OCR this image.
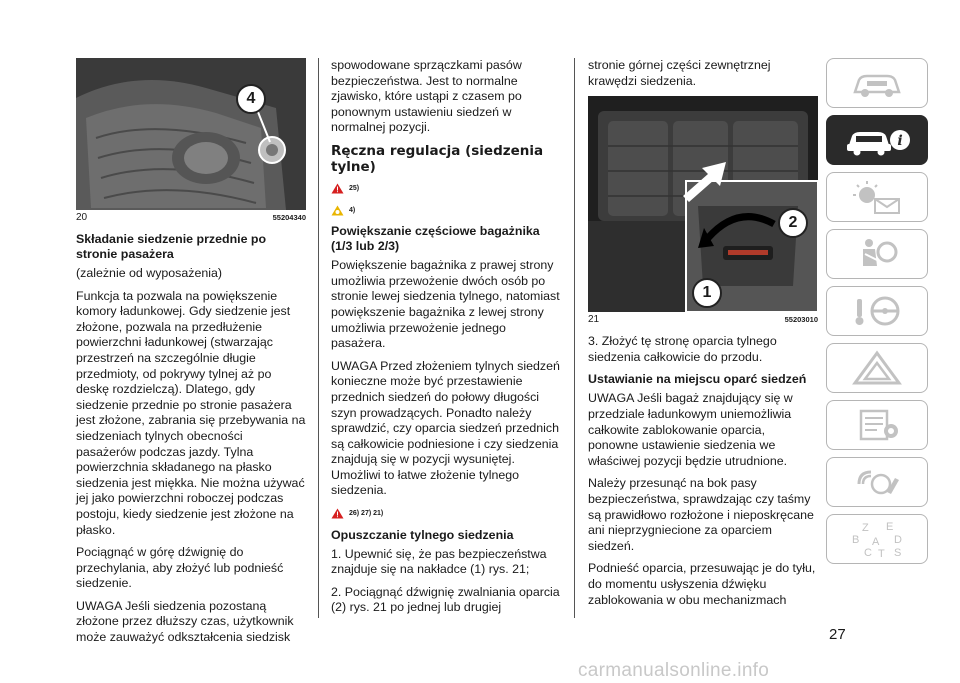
4
20	55204340
Składanie siedzenie przednie po stronie pasażera

(zależnie od wyposażenia)

Funkcja ta pozwala na powiększenie komory ładunkowej. Gdy siedzenie jest złożone, pozwala na przedłużenie powierzchni ładunkowej (stwarzając przestrzeń na szczególnie długie przedmioty, od pokrywy tylnej aż po deskę rozdzielczą). Dlatego, gdy siedzenie przednie po stronie pasażera jest złożone, zabrania się przebywania na siedzeniach tylnych obecności pasażerów podczas jazdy. Tylna powierzchnia składanego na płasko siedzenia jest miękka. Nie można używać jej jako powierzchni roboczej podczas postoju, kiedy siedzenie jest złożone na płasko.

Pociągnąć w górę dźwignię do przechylania, aby złożyć lub podnieść siedzenie.

UWAGA Jeśli siedzenia pozostaną złożone przez dłuższy czas, użytkownik może zauważyć odkształcenia siedzisk

spowodowane sprzączkami pasów bezpieczeństwa. Jest to normalne zjawisko, które ustąpi z czasem po ponownym ustawieniu siedzeń w normalnej pozycji.

Ręczna regulacja (siedzenia tylne)
25)
4)
Powiększanie częściowe bagażnika (1/3 lub 2/3)

Powiększenie bagażnika z prawej strony umożliwia przewożenie dwóch osób po stronie lewej siedzenia tylnego, natomiast powiększenie bagażnika z lewej strony umożliwia przewożenie jednego pasażera.

UWAGA Przed złożeniem tylnych siedzeń konieczne może być przestawienie przednich siedzeń do połowy długości szyn prowadzących. Ponadto należy sprawdzić, czy oparcia siedzeń przednich są całkowicie podniesione i czy siedzenia znajdują się w pozycji wysuniętej. Umożliwi to łatwe złożenie tylnego siedzenia.

26) 27) 21)
Opuszczanie tylnego siedzenia

1. Upewnić się, że pas bezpieczeństwa znajduje się na nakładce (1) rys. 21;

2. Pociągnąć dźwignię zwalniania oparcia (2) rys. 21 po jednej lub drugiej

stronie górnej części zewnętrznej krawędzi siedzenia.

2
1
21	55203010

3. Złożyć tę stronę oparcia tylnego siedzenia całkowicie do przodu.

Ustawianie na miejscu oparć siedzeń

UWAGA Jeśli bagaż znajdujący się w przedziale ładunkowym uniemożliwia całkowite zablokowanie oparcia, ponowne ustawienie siedzenia we właściwej pozycji będzie utrudnione.

Należy przesunąć na bok pasy bezpieczeństwa, sprawdzając czy taśmy są prawidłowo rozłożone i nieposkręcane ani nieprzygniecione za oparciem siedzeń.

Podnieść oparcia, przesuwając je do tyłu, do momentu usłyszenia dźwięku zablokowania w obu mechanizmach

i
Z E
B	D
A
C T S
27
carmanualsonline.info
